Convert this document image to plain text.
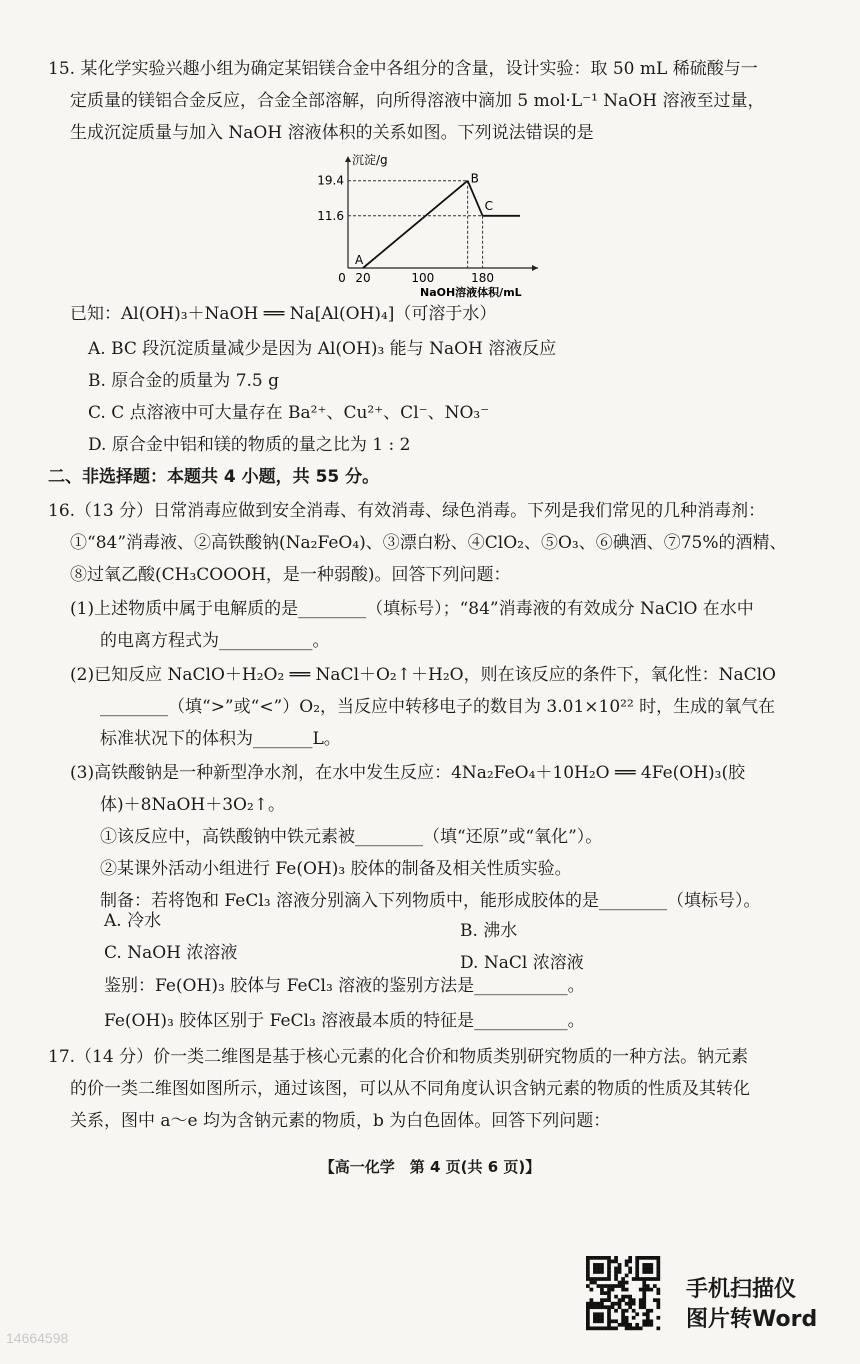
15. 某化学实验兴趣小组为确定某铝镁合金中各组分的含量，设计实验：取 50 mL 稀硫酸与一
定质量的镁铝合金反应，合金全部溶解，向所得溶液中滴加 5 mol·L⁻¹ NaOH 溶液至过量，
生成沉淀质量与加入 NaOH 溶液体积的关系如图。下列说法错误的是
沉淀/g
NaOH溶液体积/mL
A
B
C
19.4
11.6
0 20	100	180
已知：Al(OH)₃＋NaOH ══ Na[Al(OH)₄]（可溶于水）
A. BC 段沉淀质量减少是因为 Al(OH)₃ 能与 NaOH 溶液反应
B. 原合金的质量为 7.5 g
C. C 点溶液中可大量存在 Ba²⁺、Cu²⁺、Cl⁻、NO₃⁻
D. 原合金中铝和镁的物质的量之比为 1 : 2
二、非选择题：本题共 4 小题，共 55 分。
16.（13 分）日常消毒应做到安全消毒、有效消毒、绿色消毒。下列是我们常见的几种消毒剂：
①“84”消毒液、②高铁酸钠(Na₂FeO₄)、③漂白粉、④ClO₂、⑤O₃、⑥碘酒、⑦75%的酒精、
⑧过氧乙酸(CH₃COOOH，是一种弱酸)。回答下列问题：
(1)上述物质中属于电解质的是________（填标号）；“84”消毒液的有效成分 NaClO 在水中
的电离方程式为___________。
(2)已知反应 NaClO＋H₂O₂ ══ NaCl＋O₂↑＋H₂O，则在该反应的条件下，氧化性：NaClO
________（填“>”或“<”）O₂，当反应中转移电子的数目为 3.01×10²² 时，生成的氧气在
标准状况下的体积为_______L。
(3)高铁酸钠是一种新型净水剂，在水中发生反应：4Na₂FeO₄＋10H₂O ══ 4Fe(OH)₃(胶
体)＋8NaOH＋3O₂↑。
①该反应中，高铁酸钠中铁元素被________（填“还原”或“氧化”）。
②某课外活动小组进行 Fe(OH)₃ 胶体的制备及相关性质实验。
制备：若将饱和 FeCl₃ 溶液分别滴入下列物质中，能形成胶体的是________（填标号）。
A. 冷水	B. 沸水
C. NaOH 浓溶液	D. NaCl 浓溶液
鉴别：Fe(OH)₃ 胶体与 FeCl₃ 溶液的鉴别方法是___________。
Fe(OH)₃ 胶体区别于 FeCl₃ 溶液最本质的特征是___________。
17.（14 分）价一类二维图是基于核心元素的化合价和物质类别研究物质的一种方法。钠元素
的价一类二维图如图所示，通过该图，可以从不同角度认识含钠元素的物质的性质及其转化
关系，图中 a～e 均为含钠元素的物质，b 为白色固体。回答下列问题：
【高一化学　第 4 页(共 6 页)】
手机扫描仪
图片转Word
14664598
